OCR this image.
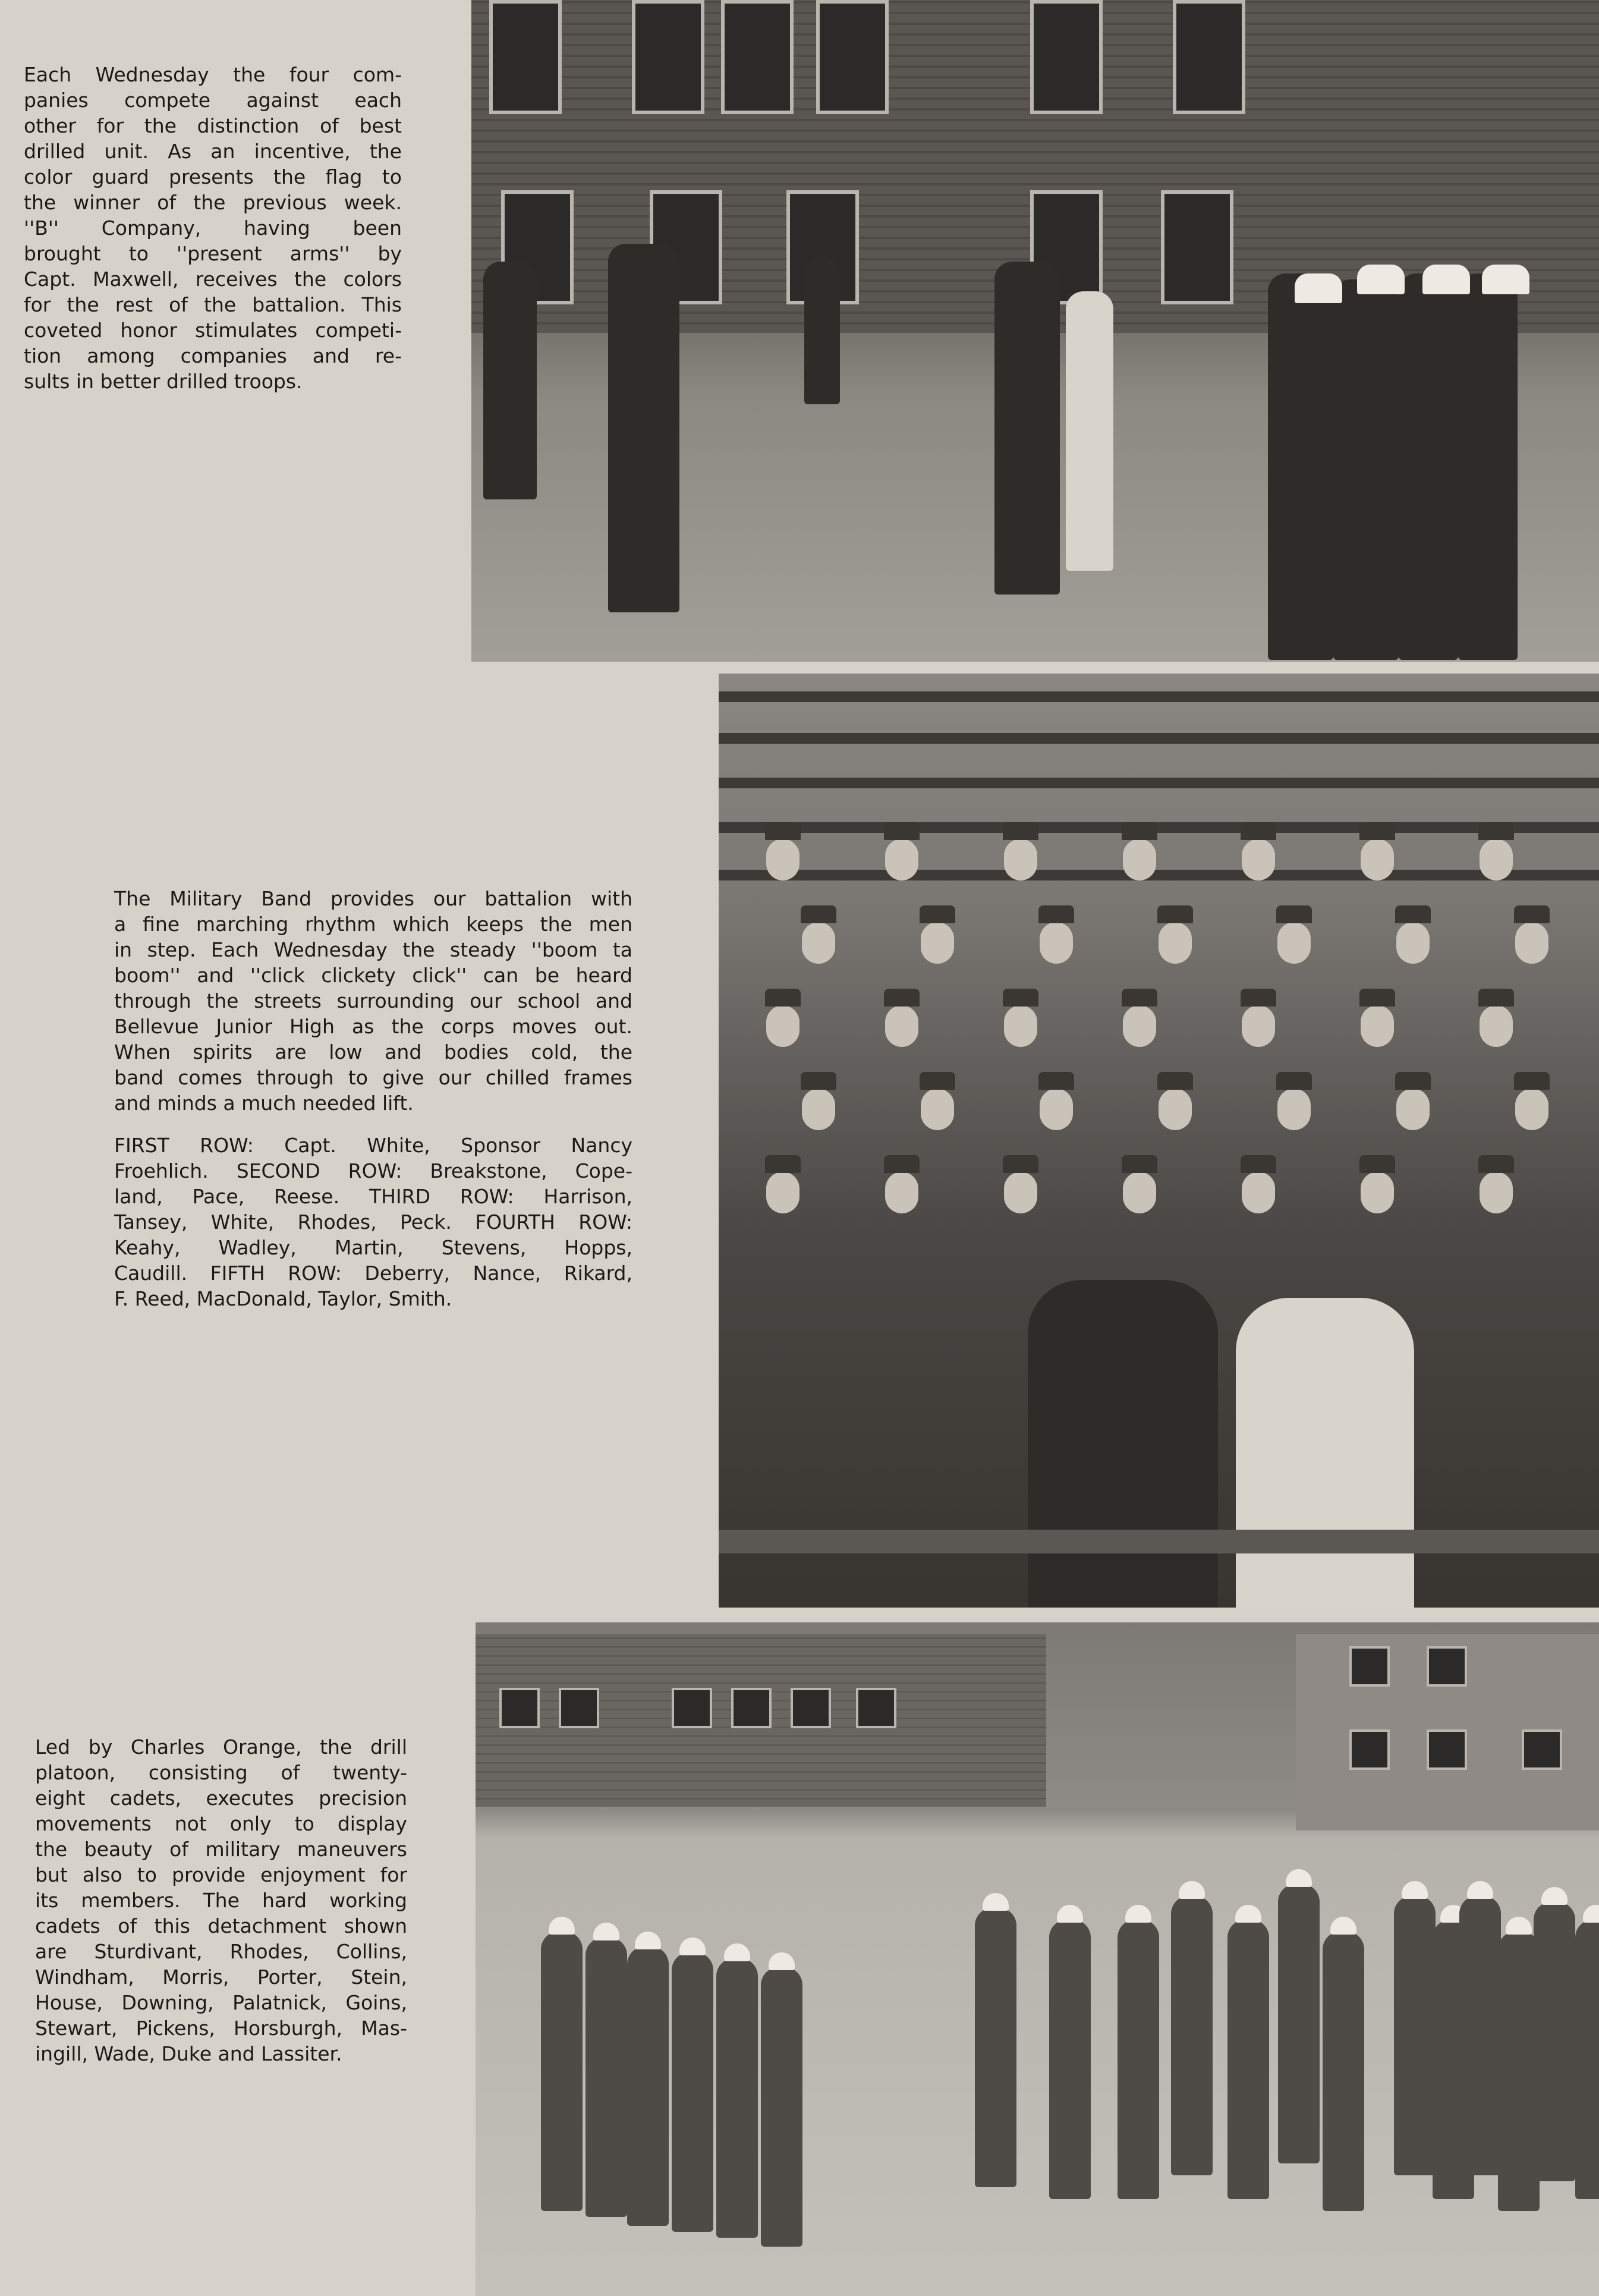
Each Wednesday the four com-
panies compete against each
other for the distinction of best
drilled unit. As an incentive, the
color guard presents the flag to
the winner of the previous week.
''B'' Company, having been
brought to ''present arms'' by
Capt. Maxwell, receives the colors
for the rest of the battalion. This
coveted honor stimulates competi-
tion among companies and re-
sults in better drilled troops.
The Military Band provides our battalion with
a fine marching rhythm which keeps the men
in step. Each Wednesday the steady ''boom ta
boom'' and ''click clickety click'' can be heard
through the streets surrounding our school and
Bellevue Junior High as the corps moves out.
When spirits are low and bodies cold, the
band comes through to give our chilled frames
and minds a much needed lift.
FIRST ROW: Capt. White, Sponsor Nancy
Froehlich. SECOND ROW: Breakstone, Cope-
land, Pace, Reese. THIRD ROW: Harrison,
Tansey, White, Rhodes, Peck. FOURTH ROW:
Keahy, Wadley, Martin, Stevens, Hopps,
Caudill. FIFTH ROW: Deberry, Nance, Rikard,
F. Reed, MacDonald, Taylor, Smith.
Led by Charles Orange, the drill
platoon, consisting of twenty-
eight cadets, executes precision
movements not only to display
the beauty of military maneuvers
but also to provide enjoyment for
its members. The hard working
cadets of this detachment shown
are Sturdivant, Rhodes, Collins,
Windham, Morris, Porter, Stein,
House, Downing, Palatnick, Goins,
Stewart, Pickens, Horsburgh, Mas-
ingill, Wade, Duke and Lassiter.
